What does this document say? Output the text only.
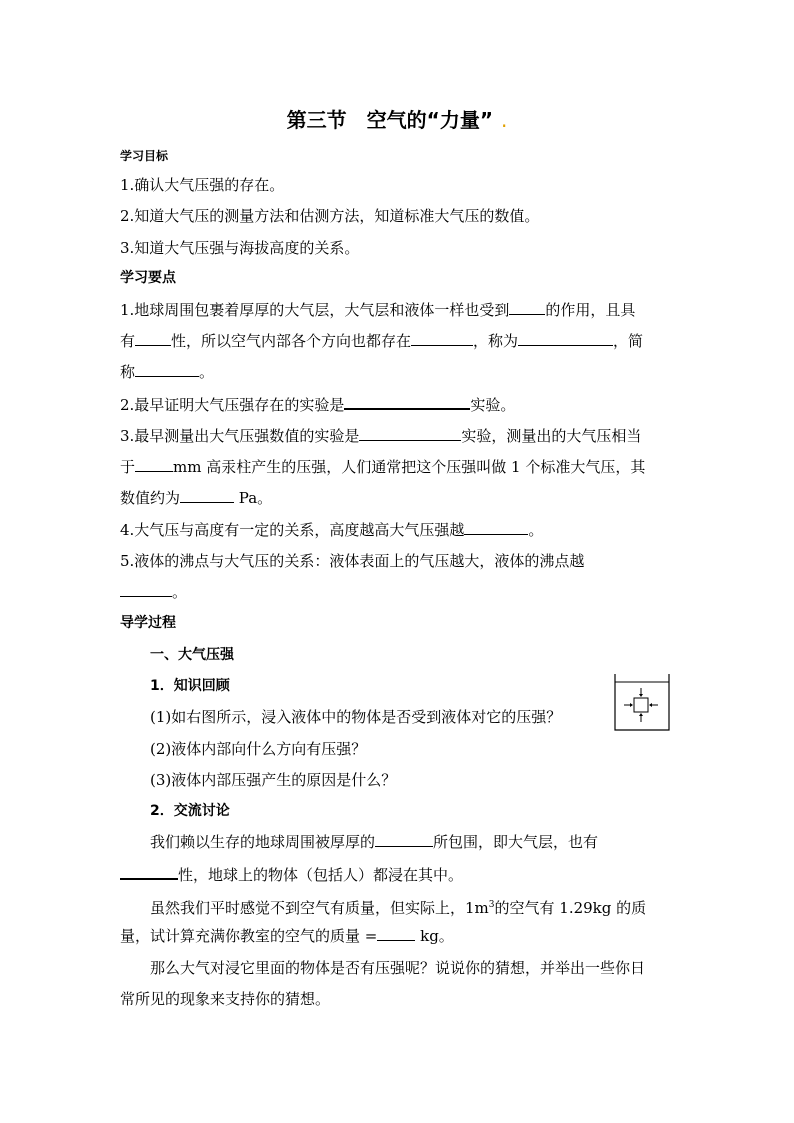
第三节　空气的“力量” .
学习目标
1.确认大气压强的存在。
2.知道大气压的测量方法和估测方法，知道标准大气压的数值。
3.知道大气压强与海拔高度的关系。
学习要点
1.地球周围包裹着厚厚的大气层，大气层和液体一样也受到 的作用，且具
有 性，所以空气内部各个方向也都存在	，称为	，简
称	。
2.最早证明大气压强存在的实验是	实验。
3.最早测量出大气压强数值的实验是	实验，测量出的大气压相当
于	mm 高汞柱产生的压强，人们通常把这个压强叫做 1 个标准大气压，其
数值约为	Pa。
4.大气压与高度有一定的关系，高度越高大气压强越	。
5.液体的沸点与大气压的关系：液体表面上的气压越大，液体的沸点越
。
导学过程
一、大气压强
1．知识回顾
(1)如右图所示，浸入液体中的物体是否受到液体对它的压强？
(2)液体内部向什么方向有压强？
(3)液体内部压强产生的原因是什么？
2．交流讨论
我们赖以生存的地球周围被厚厚的	所包围，即大气层，也有
性，地球上的物体（包括人）都浸在其中。
虽然我们平时感觉不到空气有质量，但实际上，$1m^3$的空气有 1.29kg 的质
量，试计算充满你教室的空气的质量 =	kg。
那么大气对浸它里面的物体是否有压强呢？说说你的猜想，并举出一些你日
常所见的现象来支持你的猜想。
